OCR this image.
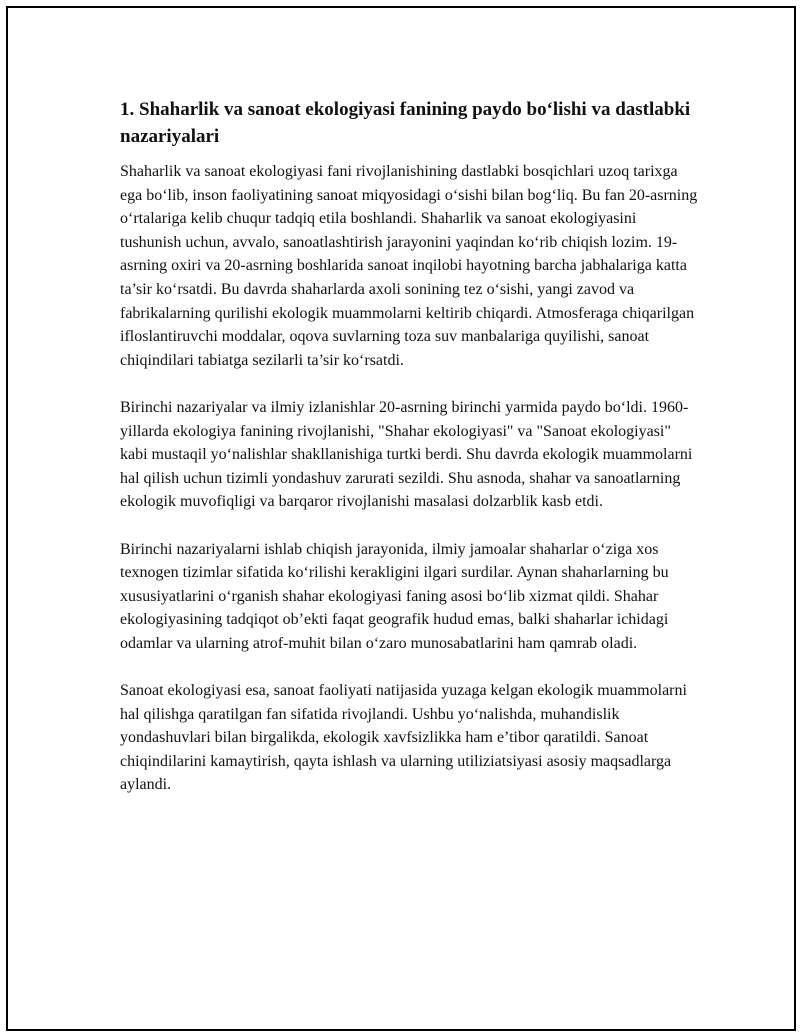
1. Shaharlik va sanoat ekologiyasi fanining paydo bo‘lishi va dastlabki nazariyalari

Shaharlik va sanoat ekologiyasi fani rivojlanishining dastlabki bosqichlari uzoq tarixga ega bo‘lib, inson faoliyatining sanoat miqyosidagi o‘sishi bilan bog‘liq. Bu fan 20-asrning o‘rtalariga kelib chuqur tadqiq etila boshlandi. Shaharlik va sanoat ekologiyasini tushunish uchun, avvalo, sanoatlashtirish jarayonini yaqindan ko‘rib chiqish lozim. 19-asrning oxiri va 20-asrning boshlarida sanoat inqilobi hayotning barcha jabhalariga katta ta’sir ko‘rsatdi. Bu davrda shaharlarda axoli sonining tez o‘sishi, yangi zavod va fabrikalarning qurilishi ekologik muammolarni keltirib chiqardi. Atmosferaga chiqarilgan ifloslantiruvchi moddalar, oqova suvlarning toza suv manbalariga quyilishi, sanoat chiqindilari tabiatga sezilarli ta’sir ko‘rsatdi.

Birinchi nazariyalar va ilmiy izlanishlar 20-asrning birinchi yarmida paydo bo‘ldi. 1960-yillarda ekologiya fanining rivojlanishi, "Shahar ekologiyasi" va "Sanoat ekologiyasi" kabi mustaqil yo‘nalishlar shakllanishiga turtki berdi. Shu davrda ekologik muammolarni hal qilish uchun tizimli yondashuv zarurati sezildi. Shu asnoda, shahar va sanoatlarning ekologik muvofiqligi va barqaror rivojlanishi masalasi dolzarblik kasb etdi.

Birinchi nazariyalarni ishlab chiqish jarayonida, ilmiy jamoalar shaharlar o‘ziga xos texnogen tizimlar sifatida ko‘rilishi kerakligini ilgari surdilar. Aynan shaharlarning bu xususiyatlarini o‘rganish shahar ekologiyasi faning asosi bo‘lib xizmat qildi. Shahar ekologiyasining tadqiqot ob’ekti faqat geografik hudud emas, balki shaharlar ichidagi odamlar va ularning atrof-muhit bilan o‘zaro munosabatlarini ham qamrab oladi.

Sanoat ekologiyasi esa, sanoat faoliyati natijasida yuzaga kelgan ekologik muammolarni hal qilishga qaratilgan fan sifatida rivojlandi. Ushbu yo‘nalishda, muhandislik yondashuvlari bilan birgalikda, ekologik xavfsizlikka ham e’tibor qaratildi. Sanoat chiqindilarini kamaytirish, qayta ishlash va ularning utiliziatsiyasi asosiy maqsadlarga aylandi.
